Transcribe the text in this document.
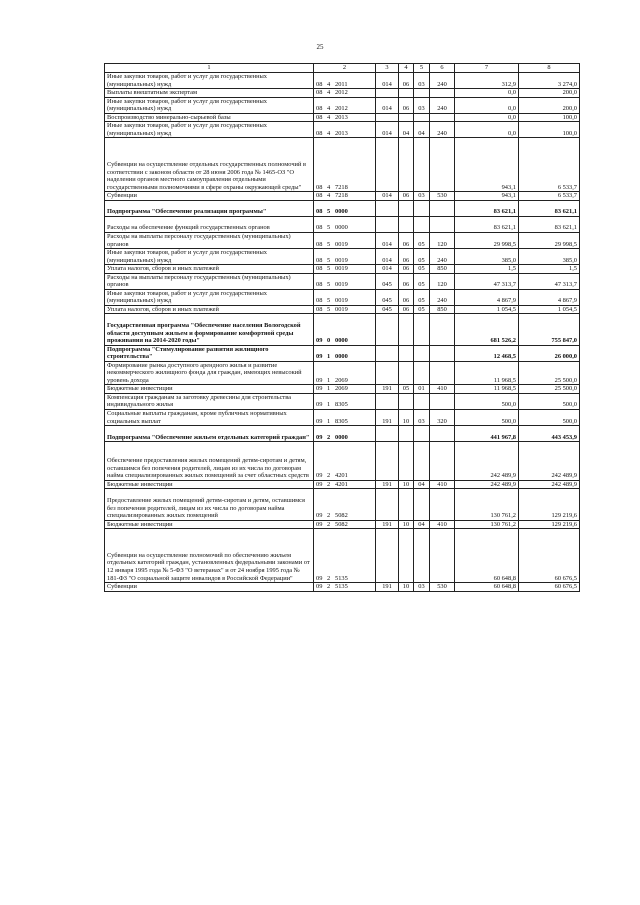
25
1	2	3	4	5	6	7	8
Иные закупки товаров, работ и услуг для государственных (муниципальных) нужд	08 4 2011	014	06	03	240	312,9	3 274,0
Выплаты внештатным экспертам	08 4 2012					0,0	200,0
Иные закупки товаров, работ и услуг для государственных (муниципальных) нужд	08 4 2012	014	06	03	240	0,0	200,0
Воспроизводство минерально-сырьевой базы	08 4 2013					0,0	100,0
Иные закупки товаров, работ и услуг для государственных (муниципальных) нужд	08 4 2013	014	04	04	240	0,0	100,0
Субвенции на осуществление отдельных государственных полномочий в соответствии с законом области от 28 июня 2006 года № 1465-ОЗ "О наделении органов местного самоуправления отдельными государственными полномочиями в сфере охраны окружающей среды"	08 4 7218					943,1	6 533,7
Субвенции	08 4 7218	014	06	03	530	943,1	6 533,7
Подпрограмма "Обеспечение реализации программы"	08 5 0000					83 621,1	83 621,1
Расходы на обеспечение функций государственных органов	08 5 0000					83 621,1	83 621,1
Расходы на выплаты персоналу государственных (муниципальных) органов	08 5 0019	014	06	05	120	29 998,5	29 998,5
Иные закупки товаров, работ и услуг для государственных (муниципальных) нужд	08 5 0019	014	06	05	240	385,0	385,0
Уплата налогов, сборов и иных платежей	08 5 0019	014	06	05	850	1,5	1,5
Расходы на выплаты персоналу государственных (муниципальных) органов	08 5 0019	045	06	05	120	47 313,7	47 313,7
Иные закупки товаров, работ и услуг для государственных (муниципальных) нужд	08 5 0019	045	06	05	240	4 867,9	4 867,9
Уплата налогов, сборов и иных платежей	08 5 0019	045	06	05	850	1 054,5	1 054,5
Государственная программа "Обеспечение населения Вологодской области доступным жильем и формирование комфортной среды проживания на 2014-2020 годы"	09 0 0000					681 526,2	755 847,0
Подпрограмма "Стимулирование развития жилищного строительства"	09 1 0000					12 468,5	26 000,0
Формирование рынка доступного арендного жилья и развитие некоммерческого жилищного фонда для граждан, имеющих невысокий уровень дохода	09 1 2069					11 968,5	25 500,0
Бюджетные инвестиции	09 1 2069	191	05	01	410	11 968,5	25 500,0
Компенсация гражданам за заготовку древесины для строительства индивидуального жилья	09 1 8305					500,0	500,0
Социальные выплаты гражданам, кроме публичных нормативных социальных выплат	09 1 8305	191	10	03	320	500,0	500,0
Подпрограмма "Обеспечение жильем отдельных категорий граждан"	09 2 0000					441 967,8	443 453,9
Обеспечение предоставления жилых помещений детям-сиротам и детям, оставшимся без попечения родителей, лицам из их числа по договорам найма специализированных жилых помещений за счет областных средств	09 2 4201					242 489,9	242 489,9
Бюджетные инвестиции	09 2 4201	191	10	04	410	242 489,9	242 489,9
Предоставление жилых помещений детям-сиротам и детям, оставшимся без попечения родителей, лицам из их числа по договорам найма специализированных жилых помещений	09 2 5082					130 761,2	129 219,6
Бюджетные инвестиции	09 2 5082	191	10	04	410	130 761,2	129 219,6
Субвенции на осуществление полномочий по обеспечению жильем отдельных категорий граждан, установленных федеральными законами от 12 января 1995 года № 5-ФЗ "О ветеранах" и от 24 ноября 1995 года № 181-ФЗ "О социальной защите инвалидов в Российской Федерации"	09 2 5135					60 648,8	60 676,5
Субвенции	09 2 5135	191	10	03	530	60 648,8	60 676,5
